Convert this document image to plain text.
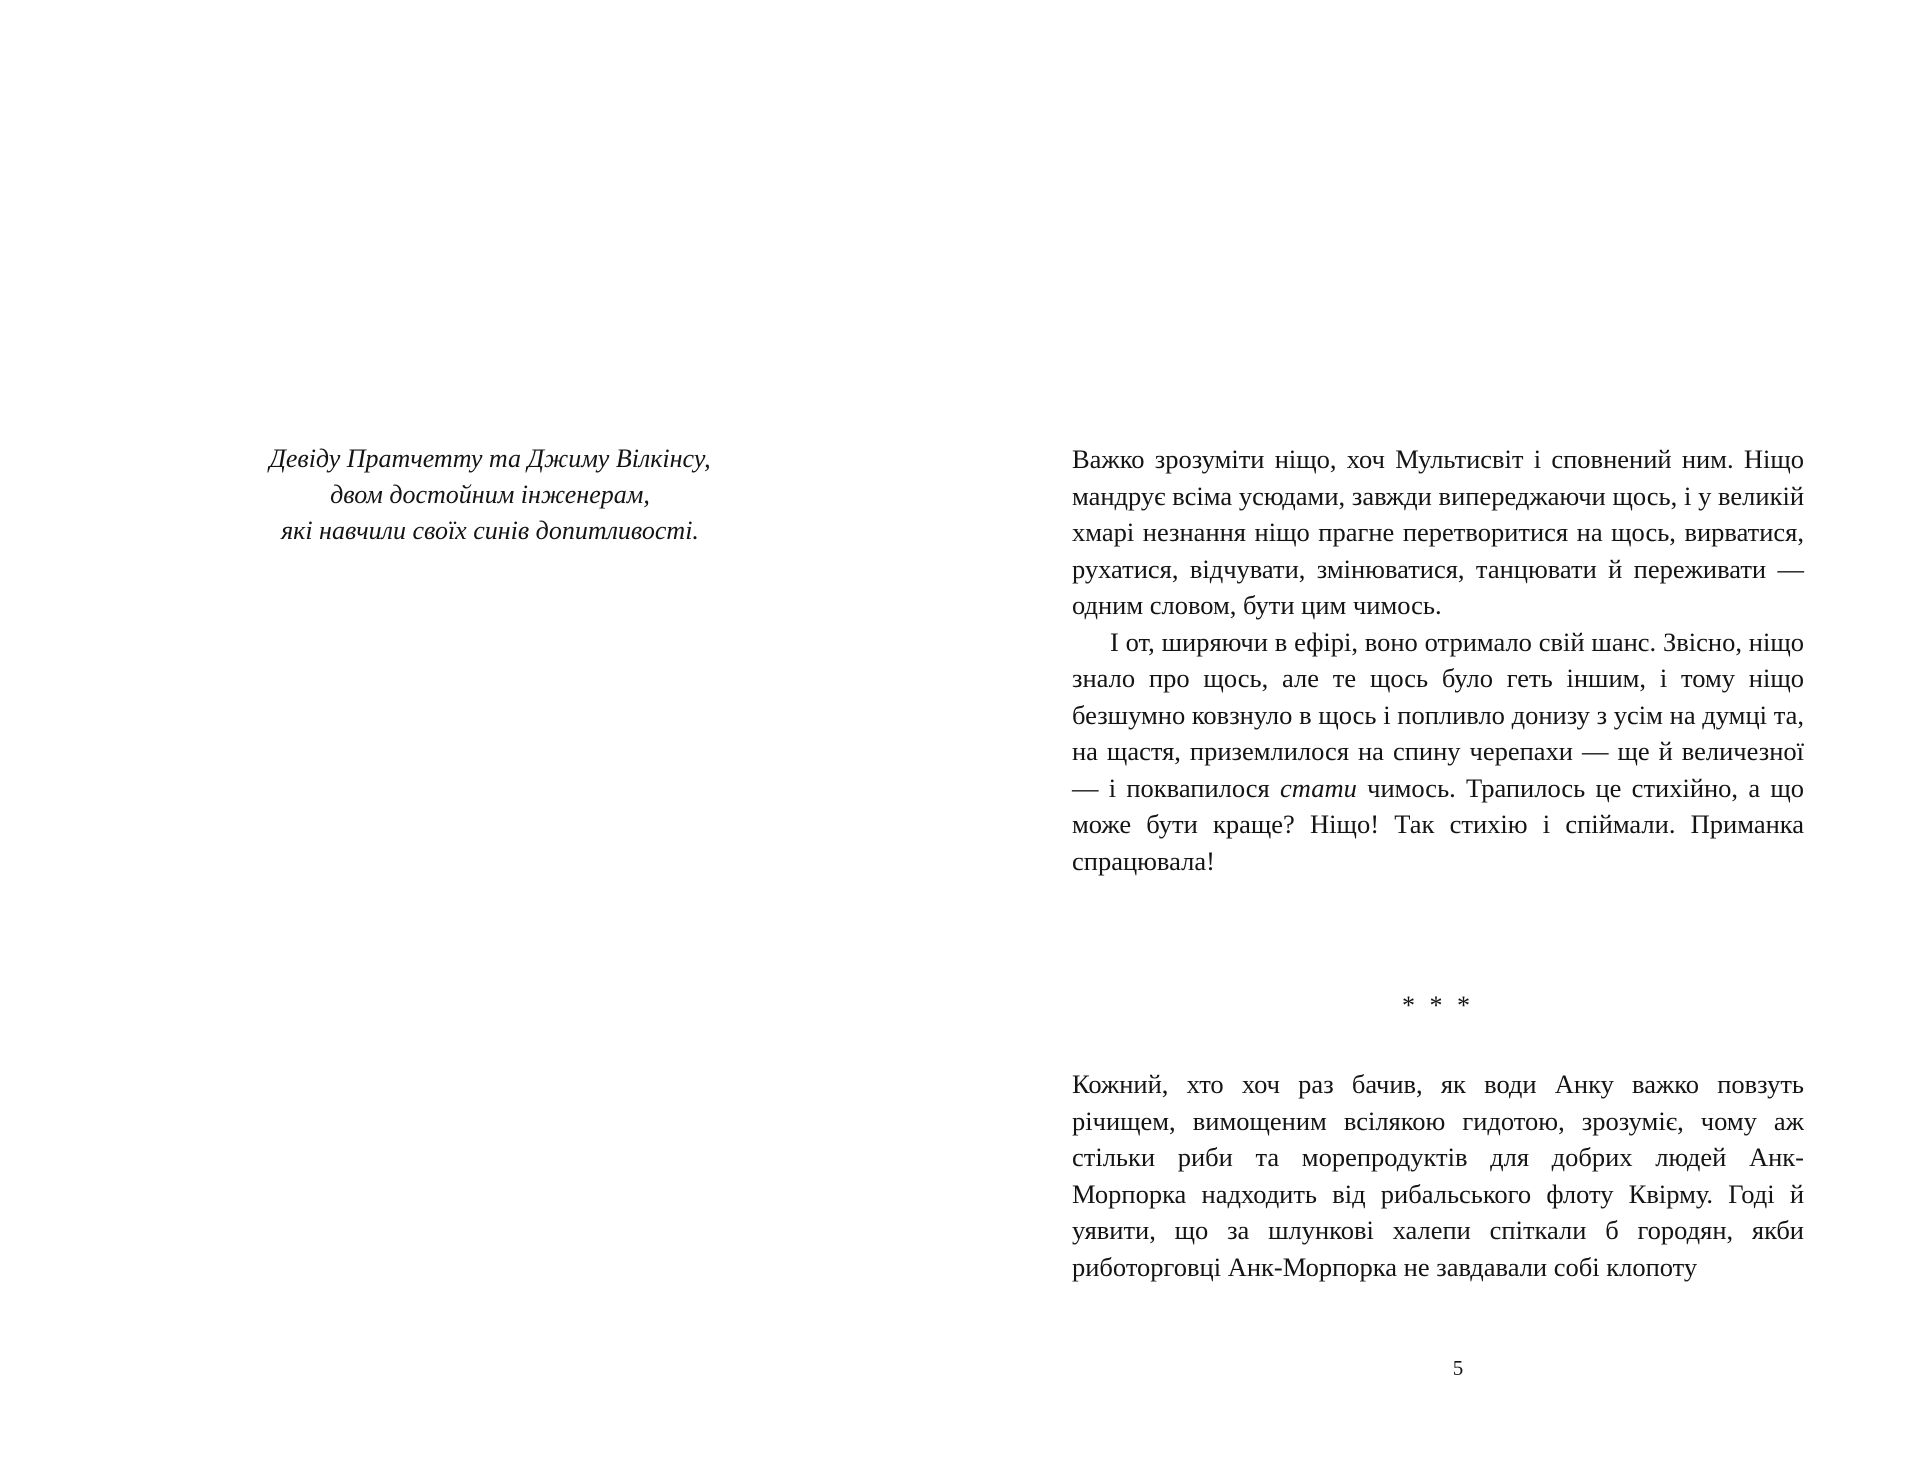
Девіду Пратчетту та Джиму Вілкінсу,
двом достойним інженерам,
які навчили своїх синів допитливості.

Важко зрозуміти ніщо, хоч Мультисвіт і сповнений ним. Ніщо мандрує всіма усюдами, завжди випереджаючи щось, і у великій хмарі незнання ніщо прагне перетворитися на щось, вирватися, рухатися, відчувати, змінюватися, танцювати й переживати — одним словом, бути цим чимось.

І от, ширяючи в ефірі, воно отримало свій шанс. Звісно, ніщо знало про щось, але те щось було геть іншим, і тому ніщо безшумно ковзнуло в щось і попливло донизу з усім на думці та, на щастя, приземлилося на спину черепахи — ще й величезної — і поквапилося стати чимось. Трапилось це стихійно, а що може бути краще? Ніщо! Так стихію і спіймали. Приманка спрацювала!

* * *

Кожний, хто хоч раз бачив, як води Анку важко повзуть річищем, вимощеним всілякою гидотою, зрозуміє, чому аж стільки риби та морепродуктів для добрих людей Анк-Морпорка надходить від рибальського флоту Квірму. Годі й уявити, що за шлункові халепи спіткали б городян, якби риботорговці Анк-Морпорка не завдавали собі клопоту

5
